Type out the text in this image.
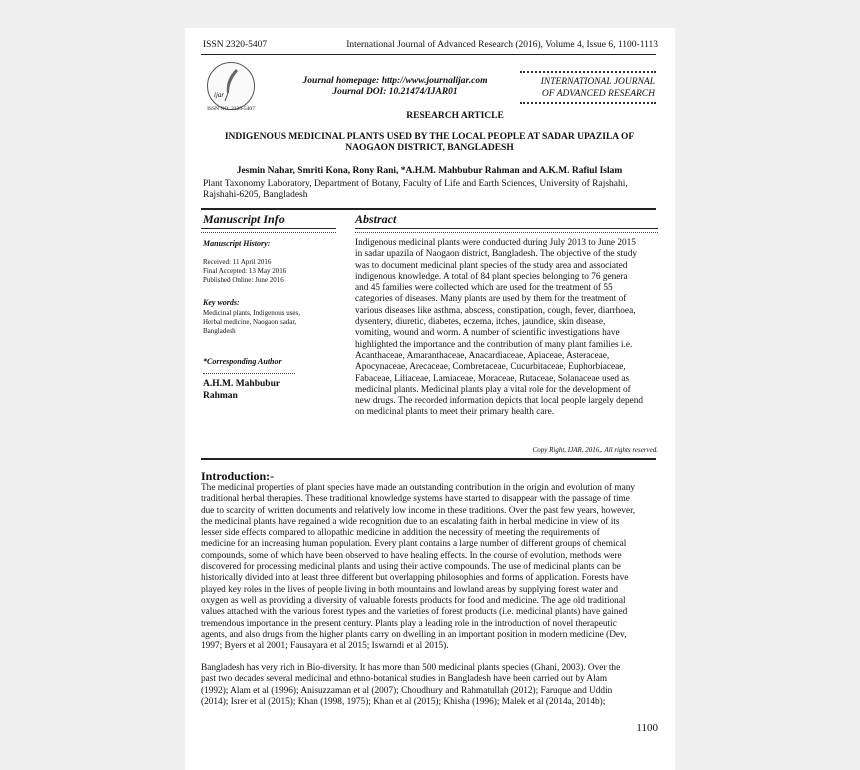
ISSN 2320-5407	International Journal of Advanced Research (2016), Volume 4, Issue 6, 1100-1113
ijar
ISSN NO. 2320-5407
Journal homepage: http://www.journalijar.com
Journal DOI: 10.21474/IJAR01
INTERNATIONAL JOURNAL
OF ADVANCED RESEARCH
RESEARCH ARTICLE
INDIGENOUS MEDICINAL PLANTS USED BY THE LOCAL PEOPLE AT SADAR UPAZILA OF
NAOGAON DISTRICT, BANGLADESH
Jesmin Nahar, Smriti Kona, Rony Rani, *A.H.M. Mahbubur Rahman and A.K.M. Rafiul Islam
Plant Taxonomy Laboratory, Department of Botany, Faculty of Life and Earth Sciences, University of Rajshahi,
Rajshahi-6205, Bangladesh
Manuscript Info
Manuscript History:
Received: 11 April 2016
Final Accepted: 13 May 2016
Published Online: June 2016
Key words:
Medicinal plants, Indigenous uses,
Herbal medicine, Naogaon sadar,
Bangladesh
*Corresponding Author
A.H.M. Mahbubur
Rahman
Abstract
Indigenous medicinal plants were conducted during July 2013 to June 2015
in sadar upazila of Naogaon district, Bangladesh. The objective of the study
was to document medicinal plant species of the study area and associated
indigenous knowledge. A total of 84 plant species belonging to 76 genera
and 45 families were collected which are used for the treatment of 55
categories of diseases. Many plants are used by them for the treatment of
various diseases like asthma, abscess, constipation, cough, fever, diarrhoea,
dysentery, diuretic, diabetes, eczema, itches, jaundice, skin disease,
vomiting, wound and worm. A number of scientific investigations have
highlighted the importance and the contribution of many plant families i.e.
Acanthaceae, Amaranthaceae, Anacardiaceae, Apiaceae, Asteraceae,
Apocynaceae, Arecaceae, Combretaceae, Cucurbitaceae, Euphorbiaceae,
Fabaceae, Liliaceae, Lamiaceae, Moraceae, Rutaceae, Solanaceae used as
medicinal plants. Medicinal plants play a vital role for the development of
new drugs. The recorded information depicts that local people largely depend
on medicinal plants to meet their primary health care.
Copy Right, IJAR, 2016,. All rights reserved.
Introduction:-
The medicinal properties of plant species have made an outstanding contribution in the origin and evolution of many
traditional herbal therapies. These traditional knowledge systems have started to disappear with the passage of time
due to scarcity of written documents and relatively low income in these traditions. Over the past few years, however,
the medicinal plants have regained a wide recognition due to an escalating faith in herbal medicine in view of its
lesser side effects compared to allopathic medicine in addition the necessity of meeting the requirements of
medicine for an increasing human population. Every plant contains a large number of different groups of chemical
compounds, some of which have been observed to have healing effects. In the course of evolution, methods were
discovered for processing medicinal plants and using their active compounds. The use of medicinal plants can be
historically divided into at least three different but overlapping philosophies and forms of application. Forests have
played key roles in the lives of people living in both mountains and lowland areas by supplying forest water and
oxygen as well as providing a diversity of valuable forests products for food and medicine. The age old traditional
values attached with the various forest types and the varieties of forest products (i.e. medicinal plants) have gained
tremendous importance in the present century. Plants play a leading role in the introduction of novel therapeutic
agents, and also drugs from the higher plants carry on dwelling in an important position in modern medicine (Dev,
1997; Byers et al 2001; Fausayara et al 2015; Iswarndi et al 2015).
Bangladesh has very rich in Bio-diversity. It has more than 500 medicinal plants species (Ghani, 2003). Over the
past two decades several medicinal and ethno-botanical studies in Bangladesh have been carried out by Alam
(1992); Alam et al (1996); Anisuzzaman et al (2007); Choudhury and Rahmatullah (2012); Faruque and Uddin
(2014); Isrer et al (2015); Khan (1998, 1975); Khan et al (2015); Khisha (1996); Malek et al (2014a, 2014b);
1100
